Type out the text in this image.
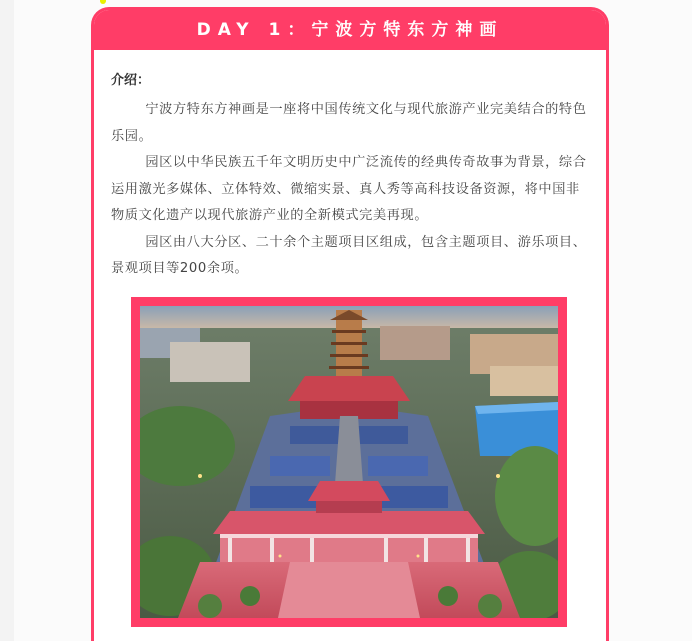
DAY 1：宁波方特东方神画

介绍：

宁波方特东方神画是一座将中国传统文化与现代旅游产业完美结合的特色乐园。

园区以中华民族五千年文明历史中广泛流传的经典传奇故事为背景，综合运用激光多媒体、立体特效、微缩实景、真人秀等高科技设备资源，将中国非物质文化遗产以现代旅游产业的全新模式完美再现。

园区由八大分区、二十余个主题项目区组成，包含主题项目、游乐项目、景观项目等200余项。
